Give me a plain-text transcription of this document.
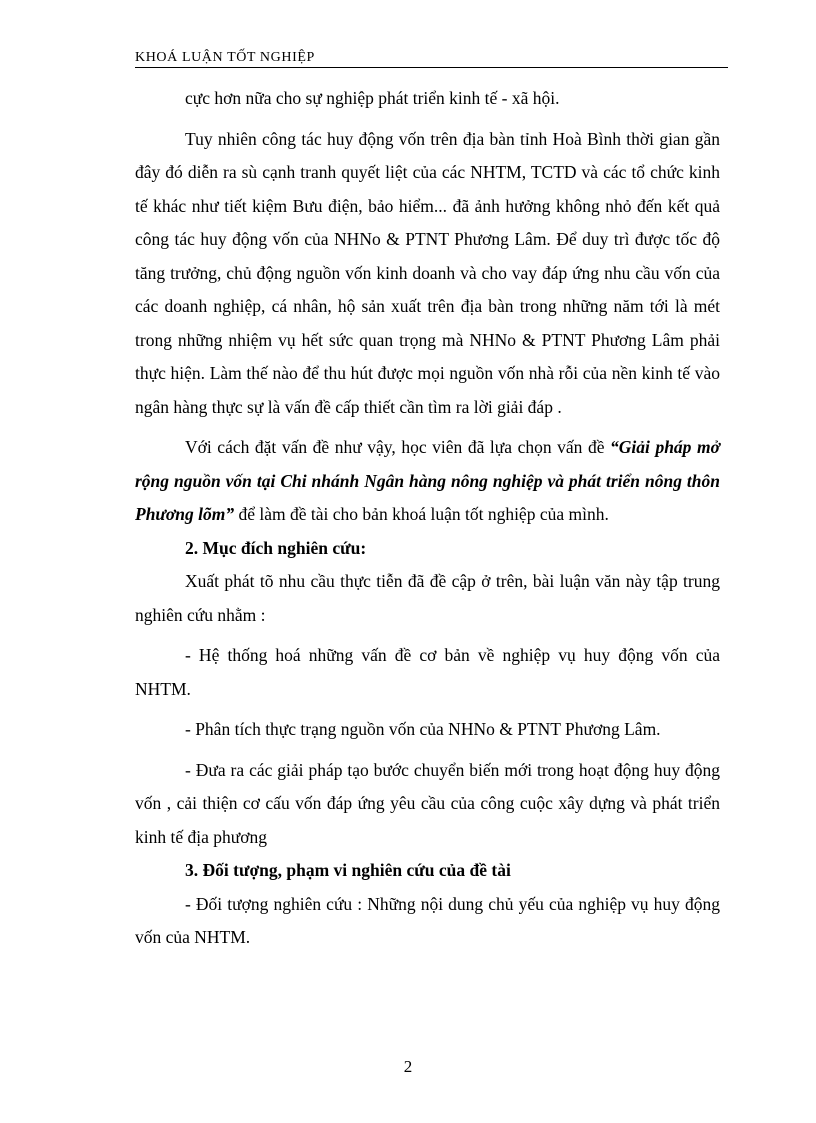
KHOÁ LUẬN TỐT NGHIỆP

cực hơn nữa cho sự nghiệp phát triển kinh tế - xã hội.

Tuy nhiên công tác huy động vốn trên địa bàn tỉnh Hoà Bình thời gian gần đây đó diễn ra sù cạnh tranh quyết liệt của các NHTM, TCTD và các tổ chức kinh tế khác như tiết kiệm Bưu điện, bảo hiểm... đã ảnh hưởng không nhỏ đến kết quả công tác huy động vốn của NHNo & PTNT Phương Lâm. Để duy trì được tốc độ tăng trưởng, chủ động nguồn vốn kinh doanh và cho vay đáp ứng nhu cầu vốn của các doanh nghiệp, cá nhân, hộ sản xuất trên địa bàn trong những năm tới là mét trong những nhiệm vụ hết sức quan trọng mà NHNo & PTNT Phương Lâm phải thực hiện. Làm thế nào để thu hút được mọi nguồn vốn nhà rỗi của nền kinh tế vào ngân hàng thực sự là vấn đề cấp thiết cần tìm ra lời giải đáp .

Với cách đặt vấn đề như vậy, học viên đã lựa chọn vấn đề “Giải pháp mở rộng nguồn vốn tại Chi nhánh Ngân hàng nông nghiệp và phát triển nông thôn Phương lõm” để làm đề tài cho bản khoá luận tốt nghiệp của mình.

2. Mục đích nghiên cứu:

Xuất phát tõ nhu cầu thực tiễn đã đề cập ở trên, bài luận văn này tập trung nghiên cứu nhằm :

- Hệ thống hoá những vấn đề cơ bản về nghiệp vụ huy động vốn của NHTM.

- Phân tích thực trạng nguồn vốn của NHNo & PTNT Phương Lâm.

- Đưa ra các giải pháp tạo bước chuyển biến mới trong hoạt động huy động vốn , cải thiện cơ cấu vốn đáp ứng yêu cầu của công cuộc xây dựng và phát triển kinh tế địa phương

3. Đối tượng, phạm vi nghiên cứu của đề tài

- Đối tượng nghiên cứu : Những nội dung chủ yếu của nghiệp vụ huy động vốn của NHTM.

2
